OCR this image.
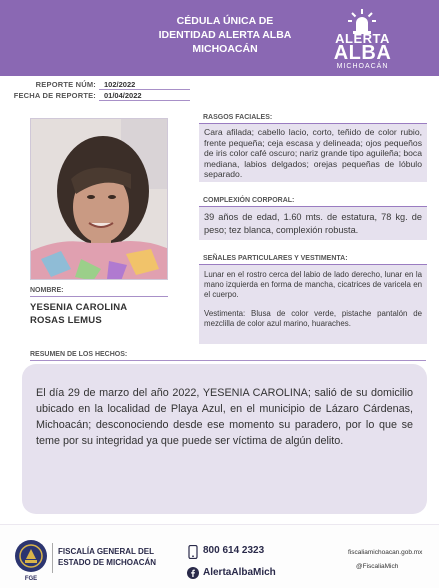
CÉDULA ÚNICA DE
IDENTIDAD ALERTA ALBA
MICHOACÁN
ALERTA
ALBA
MICHOACÁN
REPORTE NÚM: 102/2022
FECHA DE REPORTE: 01/04/2022
NOMBRE:
YESENIA CAROLINA
ROSAS LEMUS
RASGOS FACIALES:
Cara afilada; cabello lacio, corto, teñido de color rubio, frente pequeña; ceja escasa y delineada; ojos pequeños de iris color café oscuro; nariz grande tipo aguileña; boca mediana, labios delgados; orejas pequeñas de lóbulo separado.
COMPLEXIÓN CORPORAL:
39 años de edad, 1.60 mts. de estatura, 78 kg. de peso; tez blanca, complexión robusta.
SEÑALES PARTICULARES Y VESTIMENTA:
Lunar en el rostro cerca del labio de lado derecho, lunar en la mano izquierda en forma de mancha, cicatrices de varicela en el cuerpo.
Vestimenta: Blusa de color verde, pistache pantalón de mezclilla de color azul marino, huaraches.
RESUMEN DE LOS HECHOS:
El día 29 de marzo del año 2022, YESENIA CAROLINA; salió de su domicilio ubicado en la localidad de Playa Azul, en el municipio de Lázaro Cárdenas, Michoacán; desconociendo desde ese momento su paradero, por lo que se teme por su integridad ya que puede ser víctima de algún delito.
FGE
FISCALÍA GENERAL DEL
ESTADO DE MICHOACÁN
800 614 2323
AlertaAlbaMich
fiscaliamichoacan.gob.mx
@FiscaliaMich
